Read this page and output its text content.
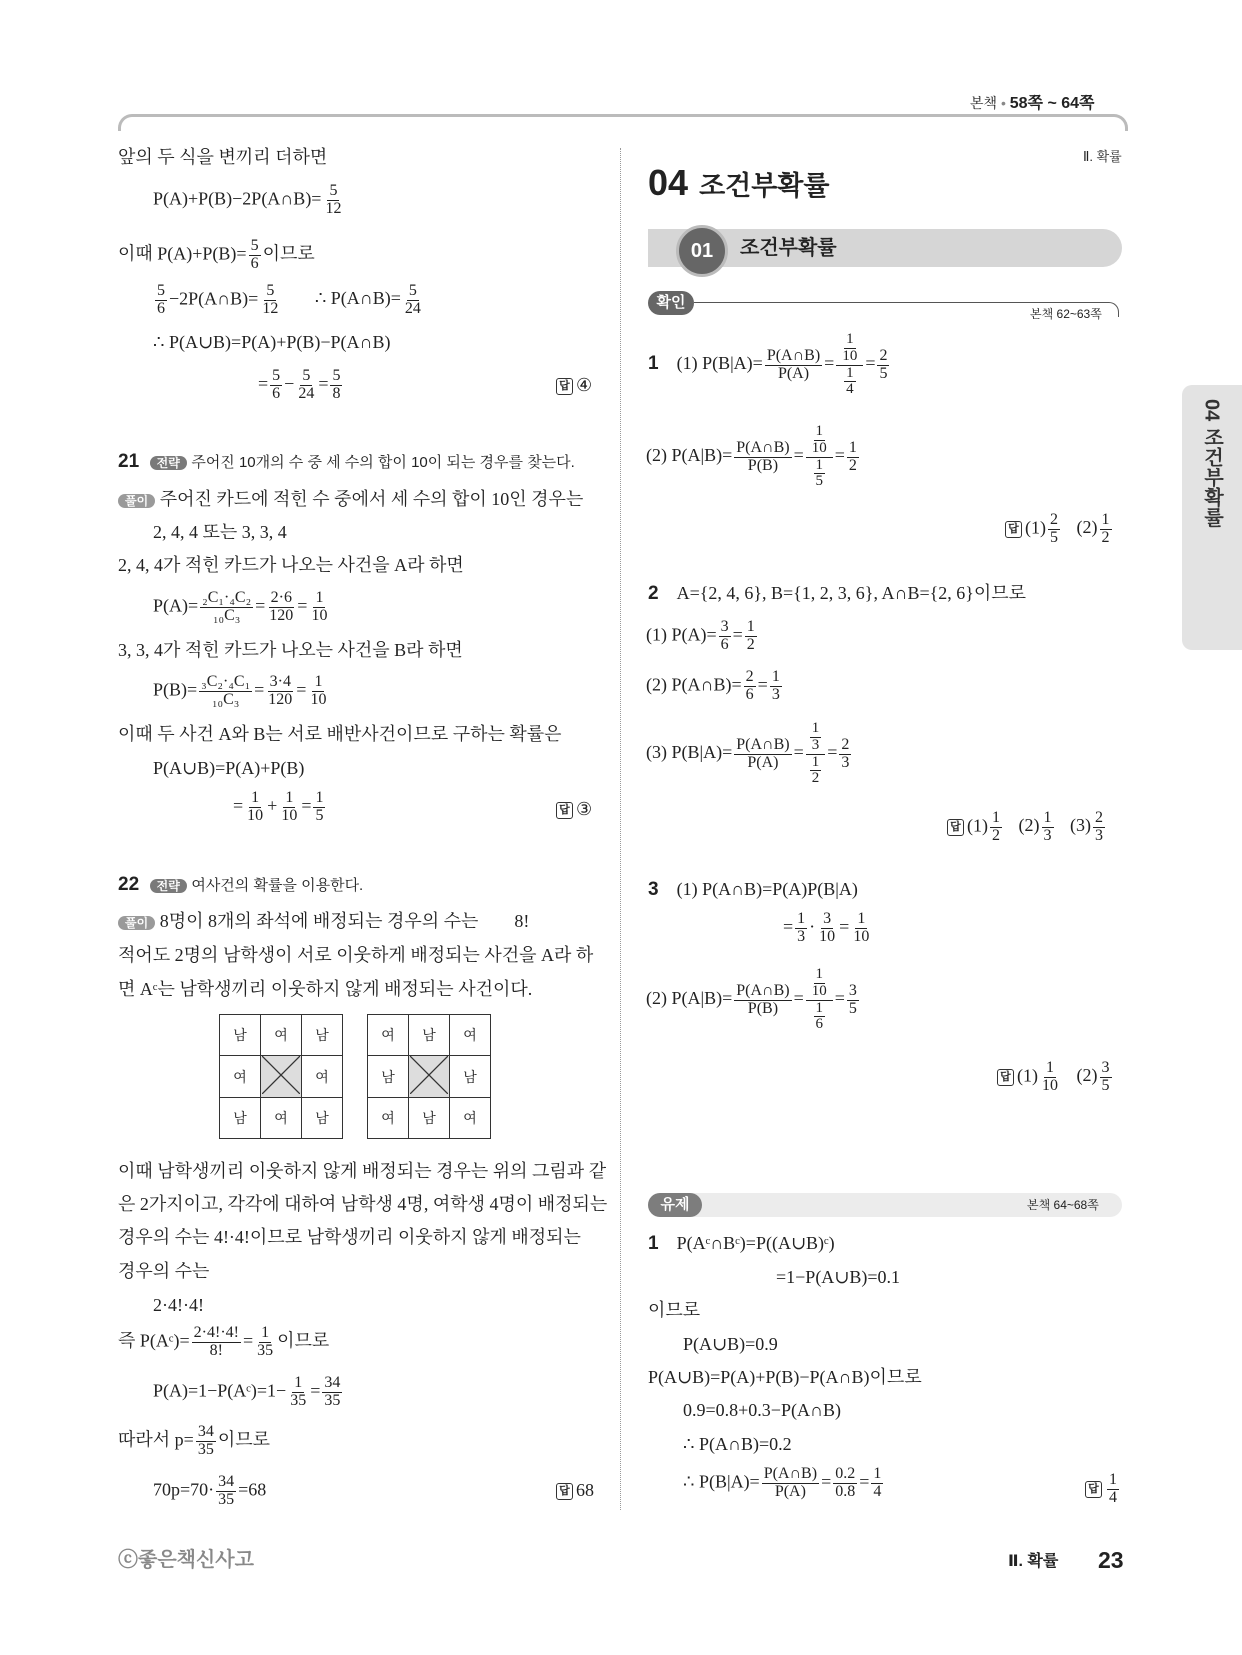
본책 • 58쪽 ~ 64쪽
04 조건부확률
앞의 두 식을 변끼리 더하면
P(A)+P(B)−2P(A∩B)= $\frac{5}{12}$
이때 $P(A)+P(B)= \frac{5}{6}$ 이므로
$\frac{5}{6}$ −2P(A∩B)= $\frac{5}{12}$ ∴ P(A∩B)= $\frac{5}{24}$
∴ P(A∪B)=P(A)+P(B)−P(A∩B)
= $\frac{5}{6} - \frac{5}{24} = \frac{5}{8}$	답 ④
21 전략 주어진 10개의 수 중 세 수의 합이 10이 되는 경우를 찾는다.
풀이 주어진 카드에 적힌 수 중에서 세 수의 합이 10인 경우는
2, 4, 4 또는 3, 3, 4
2, 4, 4가 적힌 카드가 나오는 사건을 A라 하면
$P(A)= \frac{\text{₂C₁·₄C₂}}{\text{₁₀C₃}} = \frac{2\cdot 6}{120} = \frac{1}{10}$
3, 3, 4가 적힌 카드가 나오는 사건을 B라 하면
$P(B)= \frac{\text{₃C₂·₄C₁}}{\text{₁₀C₃}} = \frac{3\cdot 4}{120} = \frac{1}{10}$
이때 두 사건 A와 B는 서로 배반사건이므로 구하는 확률은
P(A∪B)=P(A)+P(B)
= $\frac{1}{10} + \frac{1}{10} = \frac{1}{5}$	답 ③
22 전략 여사건의 확률을 이용한다.
풀이 8명이 8개의 좌석에 배정되는 경우의 수는 8!
적어도 2명의 남학생이 서로 이웃하게 배정되는 사건을 A라 하
면 Aᶜ는 남학생끼리 이웃하지 않게 배정되는 사건이다.
남	여	남
여		여
남	여	남
여	남	여
남		남
여	남	여
이때 남학생끼리 이웃하지 않게 배정되는 경우는 위의 그림과 같
은 2가지이고, 각각에 대하여 남학생 4명, 여학생 4명이 배정되는
경우의 수는 4!·4!이므로 남학생끼리 이웃하지 않게 배정되는
경우의 수는
2·4!·4!
즉 P(Aᶜ)= $\frac{2\cdot 4!\cdot 4!}{8!} = \frac{1}{35}$ 이므로
P(A)=1−P(Aᶜ)=1− $\frac{1}{35} = \frac{34}{35}$
따라서 $p= \frac{34}{35}$ 이므로
$70p=70\cdot \frac{34}{35} =68$	답 68
Ⅱ. 확률
04 조건부확률
01	조건부확률
확인
본책 62~63쪽
1 (1) $P(B|A)= \frac{P(A\cap B)}{P(A)} = \frac{\frac{1}{10}}{\frac{1}{4}} = \frac{2}{5}$
(2) $P(A|B)= \frac{P(A\cap B)}{P(B)} = \frac{\frac{1}{10}}{\frac{1}{5}} = \frac{1}{2}$
답 $(1) \frac{2}{5} (2) \frac{1}{2}$
2 A={2, 4, 6}, B={1, 2, 3, 6}, A∩B={2, 6}이므로
(1) $P(A)= \frac{3}{6} = \frac{1}{2}$
(2) P(A∩B)= $\frac{2}{6} = \frac{1}{3}$
(3) $P(B|A)= \frac{P(A\cap B)}{P(A)} = \frac{\frac{1}{3}}{\frac{1}{2}} = \frac{2}{3}$
답 $(1) \frac{1}{2} (2) \frac{1}{3} (3) \frac{2}{3}$
3 (1) P(A∩B)=P(A)P(B|A)
= $\frac{1}{3} \cdot \frac{3}{10} = \frac{1}{10}$
(2) $P(A|B)= \frac{P(A\cap B)}{P(B)} = \frac{\frac{1}{10}}{\frac{1}{6}} = \frac{3}{5}$
답 $(1) \frac{1}{10} (2) \frac{3}{5}$
유제	본책 64~68쪽
1 P(Aᶜ∩Bᶜ)=P((A∪B)ᶜ)
=1−P(A∪B)=0.1
이므로
P(A∪B)=0.9
P(A∪B)=P(A)+P(B)−P(A∩B)이므로
0.9=0.8+0.3−P(A∩B)
∴ P(A∩B)=0.2
∴ $P(B|A)= \frac{P(A\cap B)}{P(A)} = \frac{0.2}{0.8} = \frac{1}{4}$	답 $\frac{1}{4}$
ⓒ좋은책신사고	Ⅱ. 확률 23
